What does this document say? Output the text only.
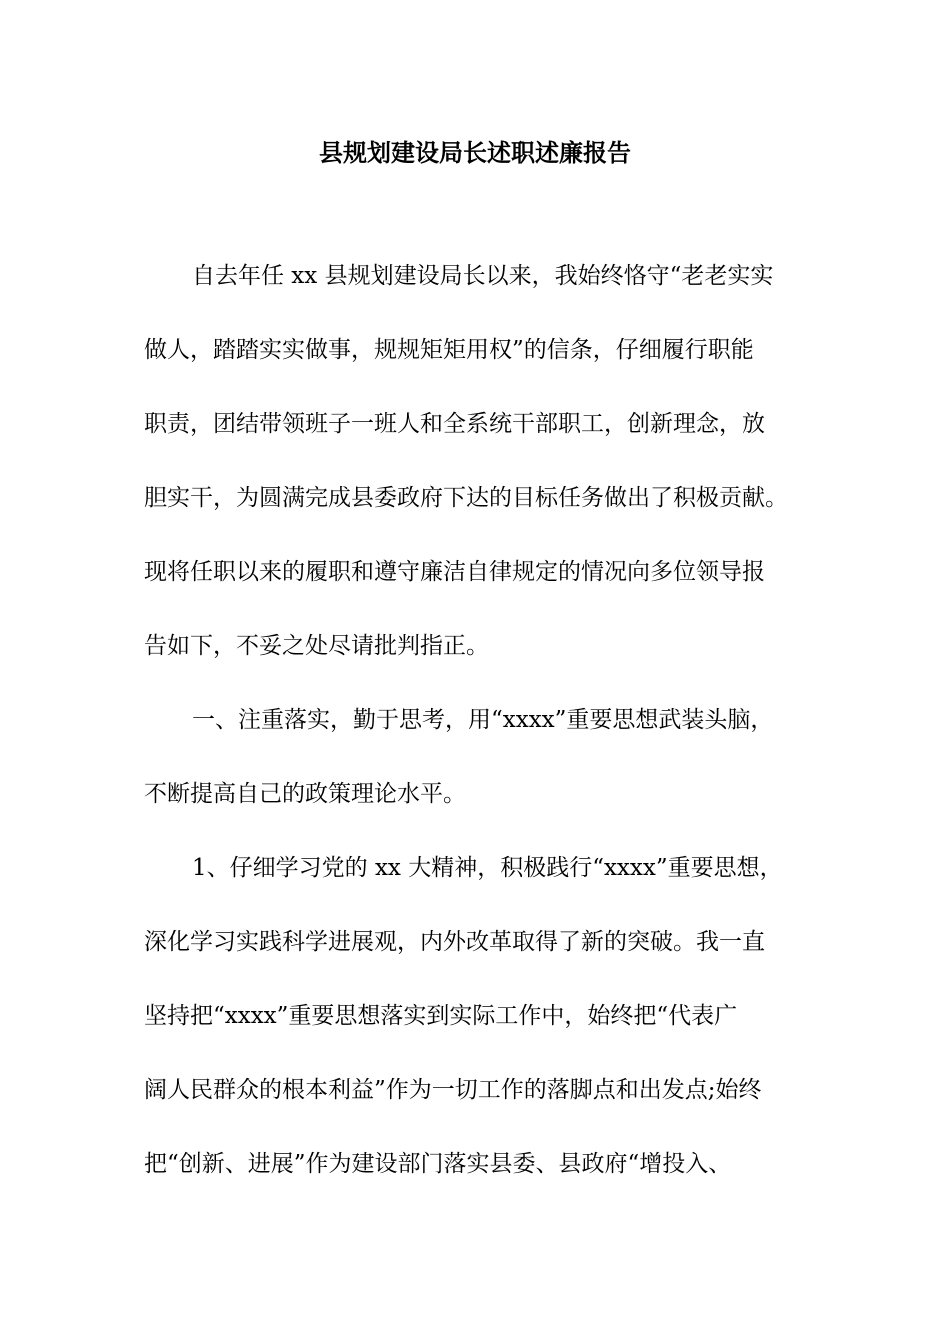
县规划建设局长述职述廉报告
自去年任 xx 县规划建设局长以来，我始终恪守“老老实实
做人，踏踏实实做事，规规矩矩用权”的信条，仔细履行职能
职责，团结带领班子一班人和全系统干部职工，创新理念，放
胆实干，为圆满完成县委政府下达的目标任务做出了积极贡献。
现将任职以来的履职和遵守廉洁自律规定的情况向多位领导报
告如下，不妥之处尽请批判指正。
一、注重落实，勤于思考，用“xxxx”重要思想武装头脑，
不断提高自己的政策理论水平。
1、仔细学习党的 xx 大精神，积极践行“xxxx”重要思想，
深化学习实践科学进展观，内外改革取得了新的突破。我一直
坚持把“xxxx”重要思想落实到实际工作中，始终把“代表广
阔人民群众的根本利益”作为一切工作的落脚点和出发点;始终
把“创新、进展”作为建设部门落实县委、县政府“增投入、
